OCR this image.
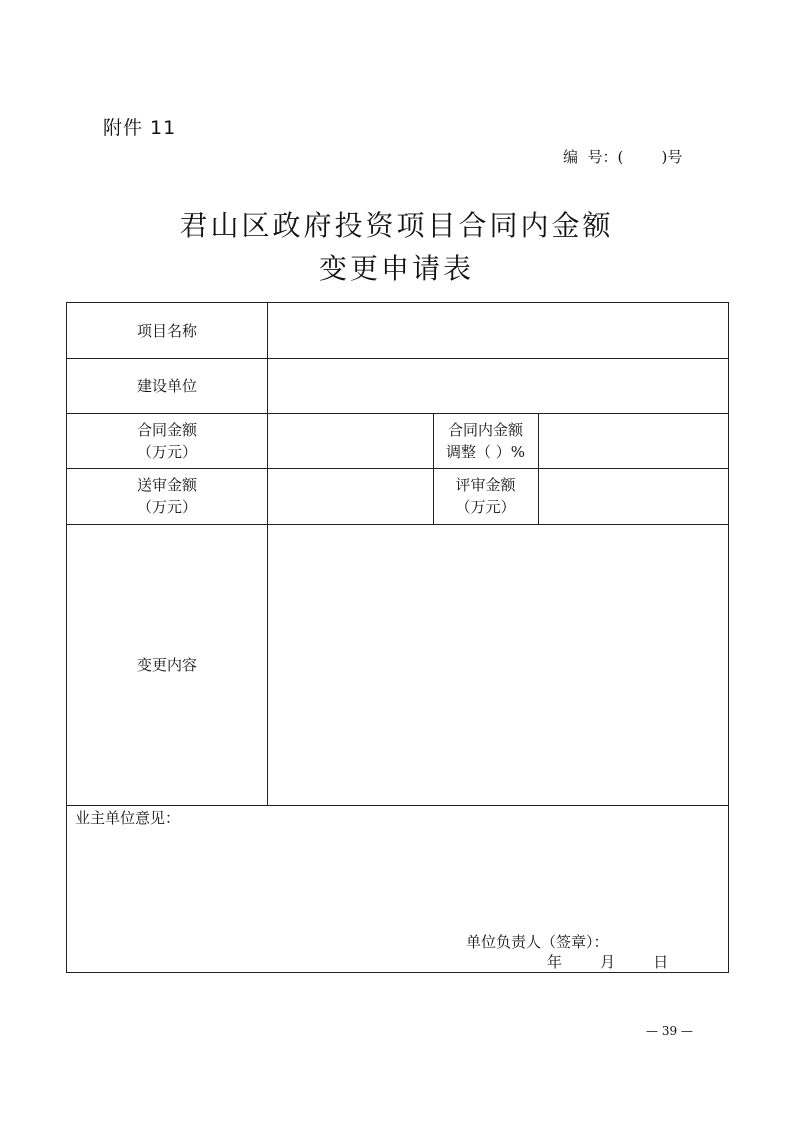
附件 11
编  号：(        )号
君山区政府投资项目合同内金额
变更申请表
项目名称
建设单位
合同金额
（万元）
合同内金额
调整（ ）%
送审金额
（万元）
评审金额
（万元）
变更内容
业主单位意见：
单位负责人（签章）：
年        月        日
— 39 —
